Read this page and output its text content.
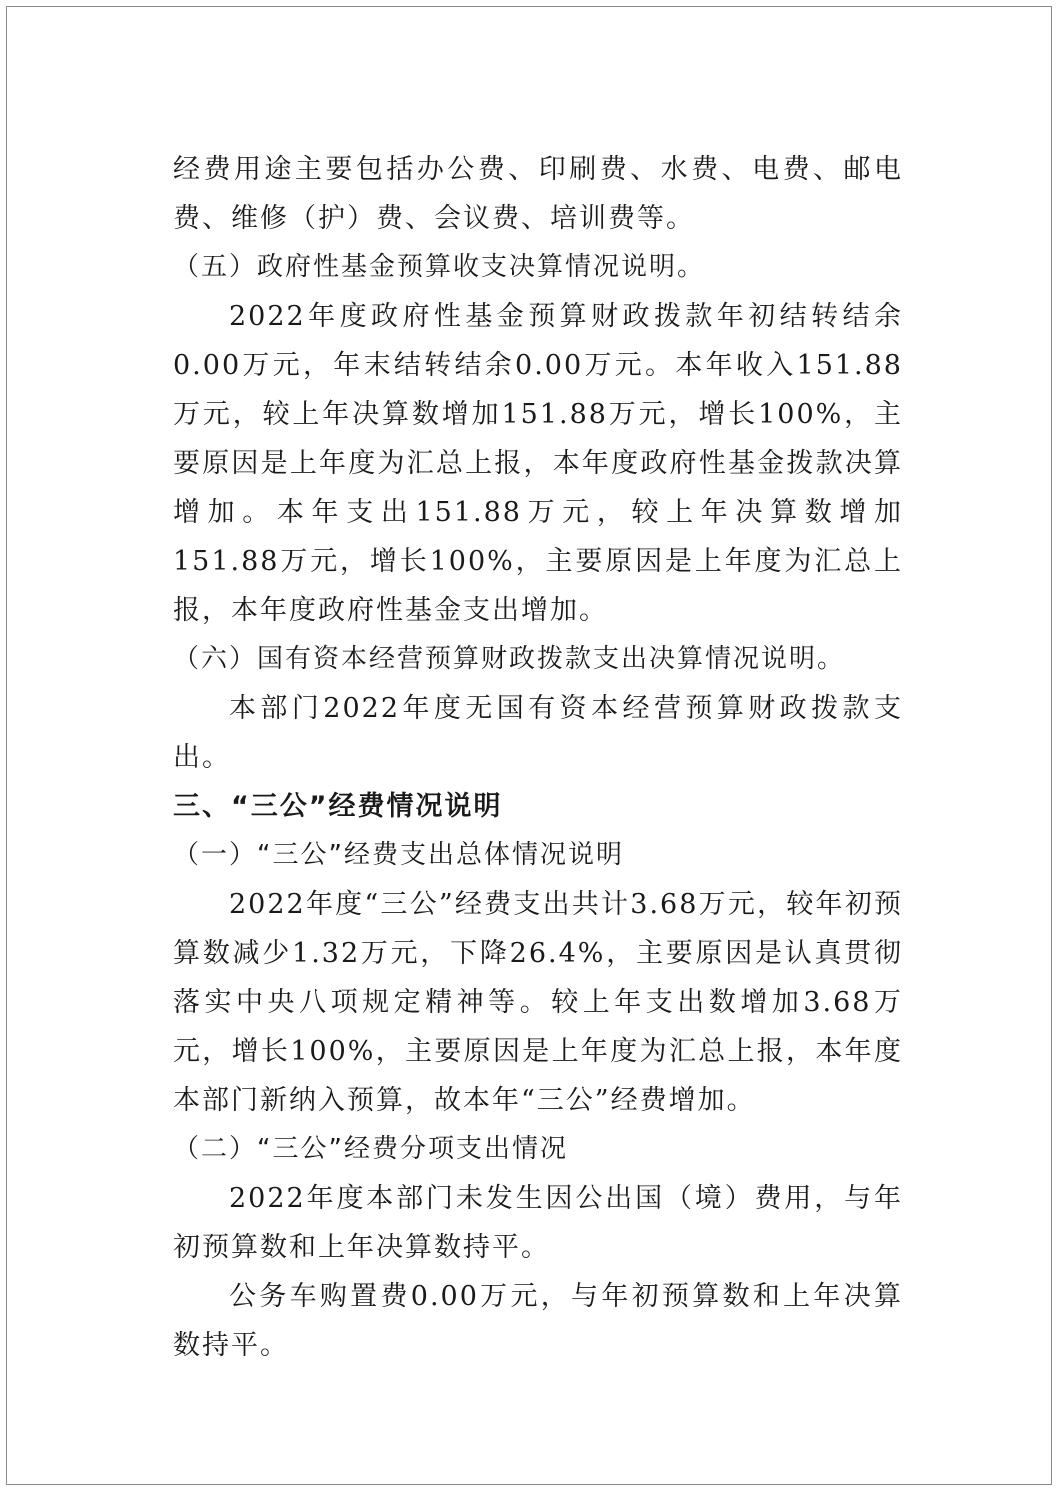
经费用途主要包括办公费、印刷费、水费、电费、邮电费、维修（护）费、会议费、培训费等。

（五）政府性基金预算收支决算情况说明。

2022年度政府性基金预算财政拨款年初结转结余0.00万元，年末结转结余0.00万元。本年收入151.88万元，较上年决算数增加151.88万元，增长100%，主要原因是上年度为汇总上报，本年度政府性基金拨款决算增加。本年支出151.88万元，较上年决算数增加151.88万元，增长100%，主要原因是上年度为汇总上报，本年度政府性基金支出增加。

（六）国有资本经营预算财政拨款支出决算情况说明。

本部门2022年度无国有资本经营预算财政拨款支出。

三、“三公”经费情况说明

（一）“三公”经费支出总体情况说明

2022年度“三公”经费支出共计3.68万元，较年初预算数减少1.32万元，下降26.4%，主要原因是认真贯彻落实中央八项规定精神等。较上年支出数增加3.68万元，增长100%，主要原因是上年度为汇总上报，本年度本部门新纳入预算，故本年“三公”经费增加。

（二）“三公”经费分项支出情况

2022年度本部门未发生因公出国（境）费用，与年初预算数和上年决算数持平。

公务车购置费0.00万元，与年初预算数和上年决算数持平。
